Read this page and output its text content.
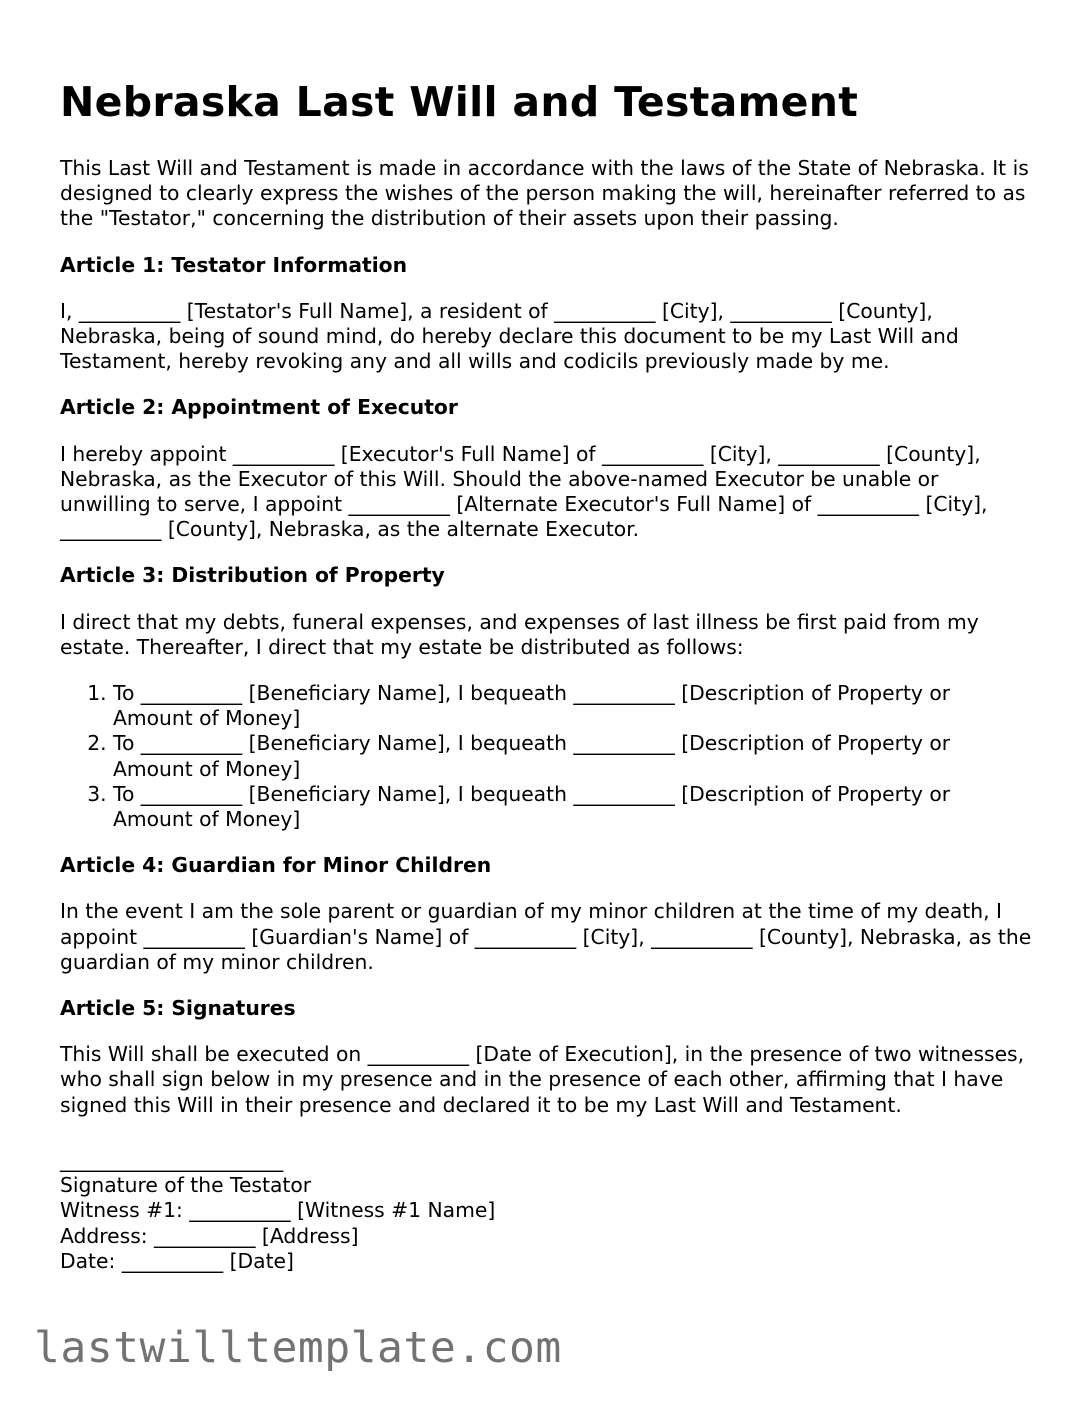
Nebraska Last Will and Testament

This Last Will and Testament is made in accordance with the laws of the State of Nebraska. It is designed to clearly express the wishes of the person making the will, hereinafter referred to as the "Testator," concerning the distribution of their assets upon their passing.

Article 1: Testator Information

I, __________ [Testator's Full Name], a resident of __________ [City], __________ [County], Nebraska, being of sound mind, do hereby declare this document to be my Last Will and Testament, hereby revoking any and all wills and codicils previously made by me.

Article 2: Appointment of Executor

I hereby appoint __________ [Executor's Full Name] of __________ [City], __________ [County], Nebraska, as the Executor of this Will. Should the above-named Executor be unable or unwilling to serve, I appoint __________ [Alternate Executor's Full Name] of __________ [City], __________ [County], Nebraska, as the alternate Executor.

Article 3: Distribution of Property

I direct that my debts, funeral expenses, and expenses of last illness be first paid from my estate. Thereafter, I direct that my estate be distributed as follows:

1. To __________ [Beneficiary Name], I bequeath __________ [Description of Property or Amount of Money]
2. To __________ [Beneficiary Name], I bequeath __________ [Description of Property or Amount of Money]
3. To __________ [Beneficiary Name], I bequeath __________ [Description of Property or Amount of Money]
Article 4: Guardian for Minor Children

In the event I am the sole parent or guardian of my minor children at the time of my death, I appoint __________ [Guardian's Name] of __________ [City], __________ [County], Nebraska, as the guardian of my minor children.

Article 5: Signatures

This Will shall be executed on __________ [Date of Execution], in the presence of two witnesses, who shall sign below in my presence and in the presence of each other, affirming that I have signed this Will in their presence and declared it to be my Last Will and Testament.

______________________

Signature of the Testator

Witness #1: __________ [Witness #1 Name]

Address: __________ [Address]

Date: __________ [Date]

lastwilltemplate.com
